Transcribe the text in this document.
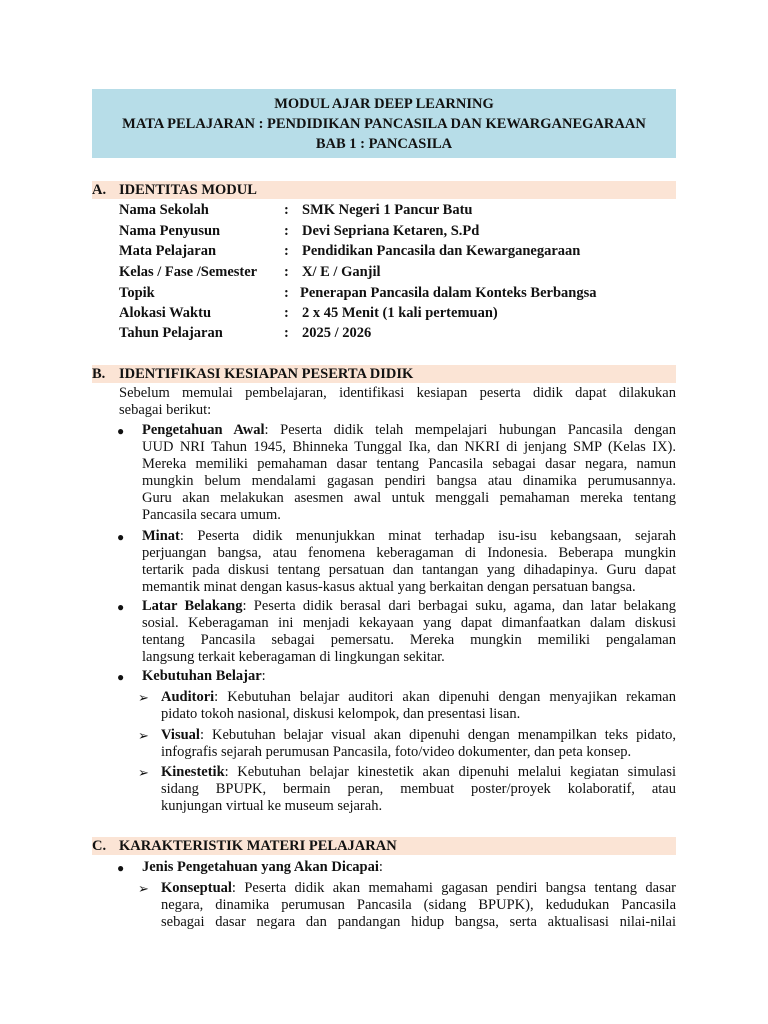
MODUL AJAR DEEP LEARNING
MATA PELAJARAN : PENDIDIKAN PANCASILA DAN KEWARGANEGARAAN
BAB 1 : PANCASILA
A. IDENTITAS MODUL
Nama Sekolah	: SMK Negeri 1 Pancur Batu
Nama Penyusun	: Devi Sepriana Ketaren, S.Pd
Mata Pelajaran	: Pendidikan Pancasila dan Kewarganegaraan
Kelas / Fase /Semester : X/ E / Ganjil
Topik	: Penerapan Pancasila dalam Konteks Berbangsa
Alokasi Waktu	: 2 x 45 Menit (1 kali pertemuan)
Tahun Pelajaran	: 2025 / 2026
B. IDENTIFIKASI KESIAPAN PESERTA DIDIK
Sebelum memulai pembelajaran, identifikasi kesiapan peserta didik dapat dilakukan
sebagai berikut:
● Pengetahuan Awal: Peserta didik telah mempelajari hubungan Pancasila dengan
UUD NRI Tahun 1945, Bhinneka Tunggal Ika, dan NKRI di jenjang SMP (Kelas IX).
Mereka memiliki pemahaman dasar tentang Pancasila sebagai dasar negara, namun
mungkin belum mendalami gagasan pendiri bangsa atau dinamika perumusannya.
Guru akan melakukan asesmen awal untuk menggali pemahaman mereka tentang
Pancasila secara umum.
● Minat: Peserta didik menunjukkan minat terhadap isu-isu kebangsaan, sejarah
perjuangan bangsa, atau fenomena keberagaman di Indonesia. Beberapa mungkin
tertarik pada diskusi tentang persatuan dan tantangan yang dihadapinya. Guru dapat
memantik minat dengan kasus-kasus aktual yang berkaitan dengan persatuan bangsa.
● Latar Belakang: Peserta didik berasal dari berbagai suku, agama, dan latar belakang
sosial. Keberagaman ini menjadi kekayaan yang dapat dimanfaatkan dalam diskusi
tentang Pancasila sebagai pemersatu. Mereka mungkin memiliki pengalaman
langsung terkait keberagaman di lingkungan sekitar.
● Kebutuhan Belajar:
➢ Auditori: Kebutuhan belajar auditori akan dipenuhi dengan menyajikan rekaman
pidato tokoh nasional, diskusi kelompok, dan presentasi lisan.
➢ Visual: Kebutuhan belajar visual akan dipenuhi dengan menampilkan teks pidato,
infografis sejarah perumusan Pancasila, foto/video dokumenter, dan peta konsep.
➢ Kinestetik: Kebutuhan belajar kinestetik akan dipenuhi melalui kegiatan simulasi
sidang BPUPK, bermain peran, membuat poster/proyek kolaboratif, atau
kunjungan virtual ke museum sejarah.
C. KARAKTERISTIK MATERI PELAJARAN
● Jenis Pengetahuan yang Akan Dicapai:
➢ Konseptual: Peserta didik akan memahami gagasan pendiri bangsa tentang dasar
negara, dinamika perumusan Pancasila (sidang BPUPK), kedudukan Pancasila
sebagai dasar negara dan pandangan hidup bangsa, serta aktualisasi nilai-nilai
